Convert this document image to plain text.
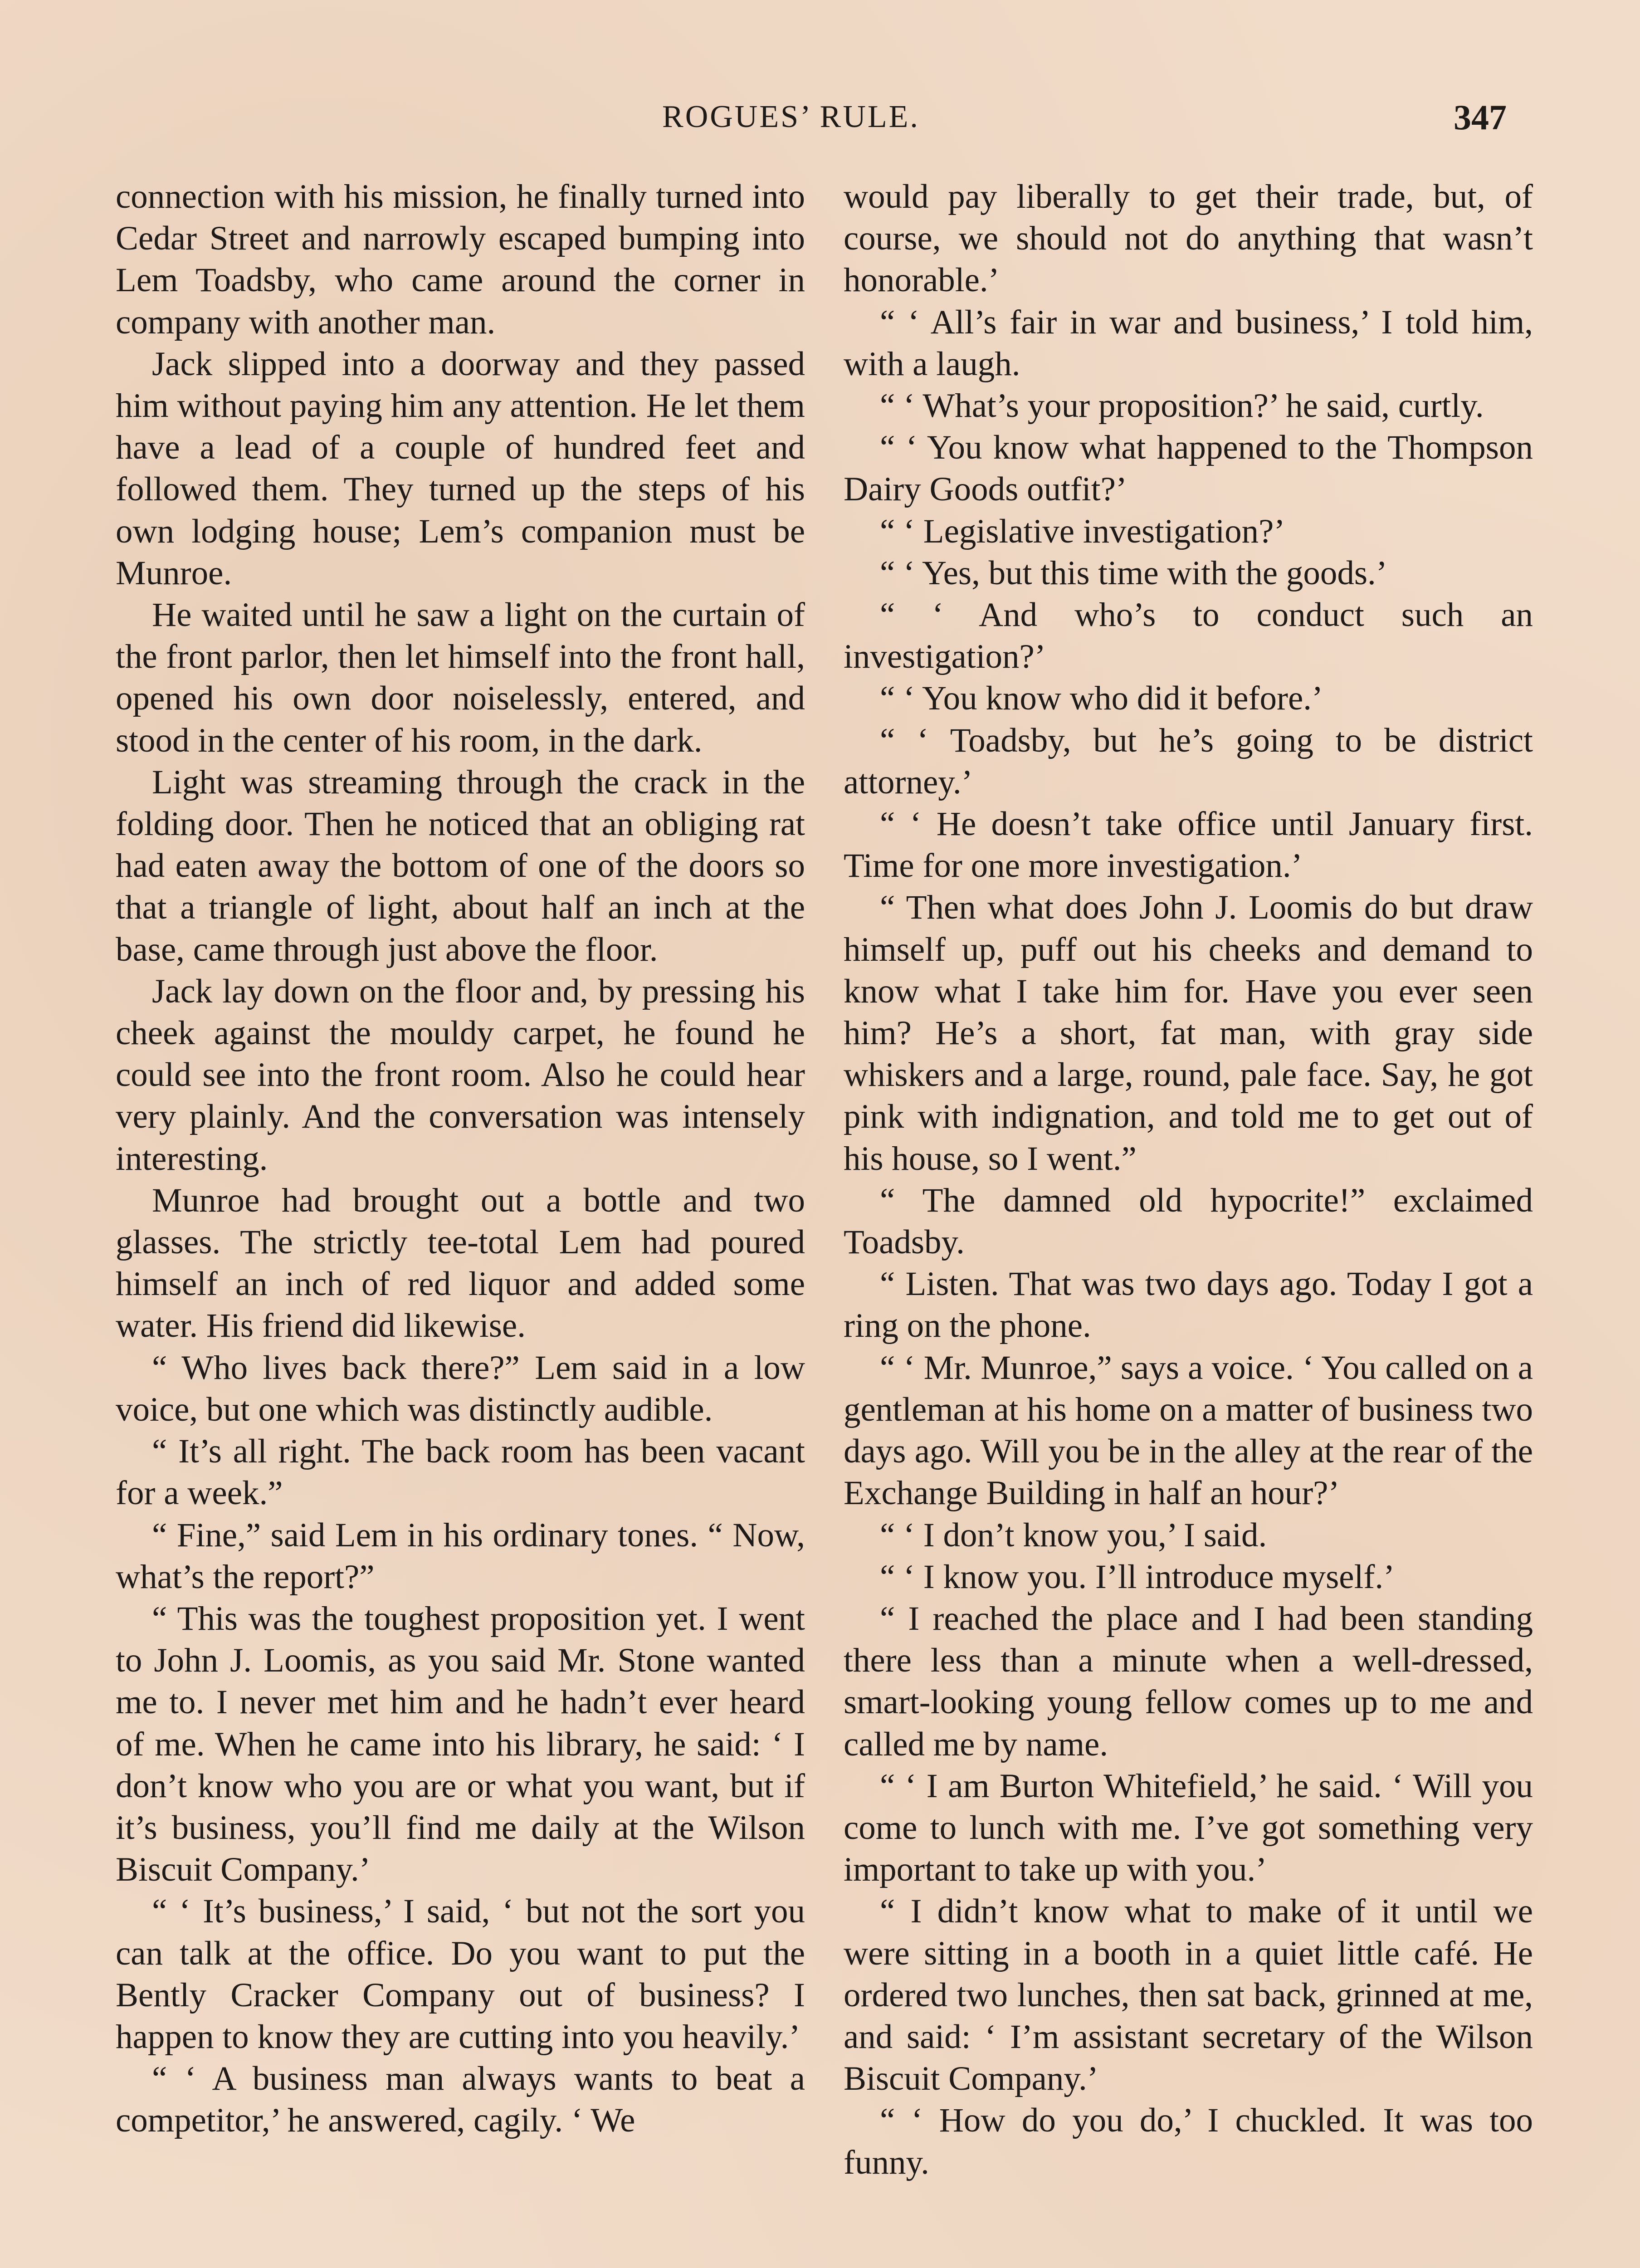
ROGUES’ RULE.	347

connection with his mission, he finally turned into Cedar Street and narrowly escaped bumping into Lem Toadsby, who came around the corner in company with another man.

Jack slipped into a doorway and they passed him without paying him any attention. He let them have a lead of a couple of hundred feet and followed them. They turned up the steps of his own lodging house; Lem’s companion must be Munroe.

He waited until he saw a light on the curtain of the front parlor, then let himself into the front hall, opened his own door noiselessly, entered, and stood in the center of his room, in the dark.

Light was streaming through the crack in the folding door. Then he noticed that an obliging rat had eaten away the bottom of one of the doors so that a triangle of light, about half an inch at the base, came through just above the floor.

Jack lay down on the floor and, by pressing his cheek against the mouldy carpet, he found he could see into the front room. Also he could hear very plainly. And the conversation was intensely interesting.

Munroe had brought out a bottle and two glasses. The strictly tee-total Lem had poured himself an inch of red liquor and added some water. His friend did likewise.

“ Who lives back there?” Lem said in a low voice, but one which was distinctly audible.

“ It’s all right. The back room has been vacant for a week.”

“ Fine,” said Lem in his ordinary tones. “ Now, what’s the report?”

“ This was the toughest proposition yet. I went to John J. Loomis, as you said Mr. Stone wanted me to. I never met him and he hadn’t ever heard of me. When he came into his library, he said: ‘ I don’t know who you are or what you want, but if it’s business, you’ll find me daily at the Wilson Biscuit Company.’

“ ‘ It’s business,’ I said, ‘ but not the sort you can talk at the office. Do you want to put the Bently Cracker Company out of business? I happen to know they are cutting into you heavily.’

“ ‘ A business man always wants to beat a competitor,’ he answered, cagily. ‘ We

would pay liberally to get their trade, but, of course, we should not do anything that wasn’t honorable.’

“ ‘ All’s fair in war and business,’ I told him, with a laugh.

“ ‘ What’s your proposition?’ he said, curtly.

“ ‘ You know what happened to the Thompson Dairy Goods outfit?’

“ ‘ Legislative investigation?’

“ ‘ Yes, but this time with the goods.’

“ ‘ And who’s to conduct such an investigation?’

“ ‘ You know who did it before.’

“ ‘ Toadsby, but he’s going to be district attorney.’

“ ‘ He doesn’t take office until January first. Time for one more investigation.’

“ Then what does John J. Loomis do but draw himself up, puff out his cheeks and demand to know what I take him for. Have you ever seen him? He’s a short, fat man, with gray side whiskers and a large, round, pale face. Say, he got pink with indignation, and told me to get out of his house, so I went.”

“ The damned old hypocrite!” exclaimed Toadsby.

“ Listen. That was two days ago. Today I got a ring on the phone.

“ ‘ Mr. Munroe,” says a voice. ‘ You called on a gentleman at his home on a matter of business two days ago. Will you be in the alley at the rear of the Exchange Building in half an hour?’

“ ‘ I don’t know you,’ I said.

“ ‘ I know you. I’ll introduce myself.’

“ I reached the place and I had been standing there less than a minute when a well-dressed, smart-looking young fellow comes up to me and called me by name.

“ ‘ I am Burton Whitefield,’ he said. ‘ Will you come to lunch with me. I’ve got something very important to take up with you.’

“ I didn’t know what to make of it until we were sitting in a booth in a quiet little café. He ordered two lunches, then sat back, grinned at me, and said: ‘ I’m assistant secretary of the Wilson Biscuit Company.’

“ ‘ How do you do,’ I chuckled. It was too funny.
